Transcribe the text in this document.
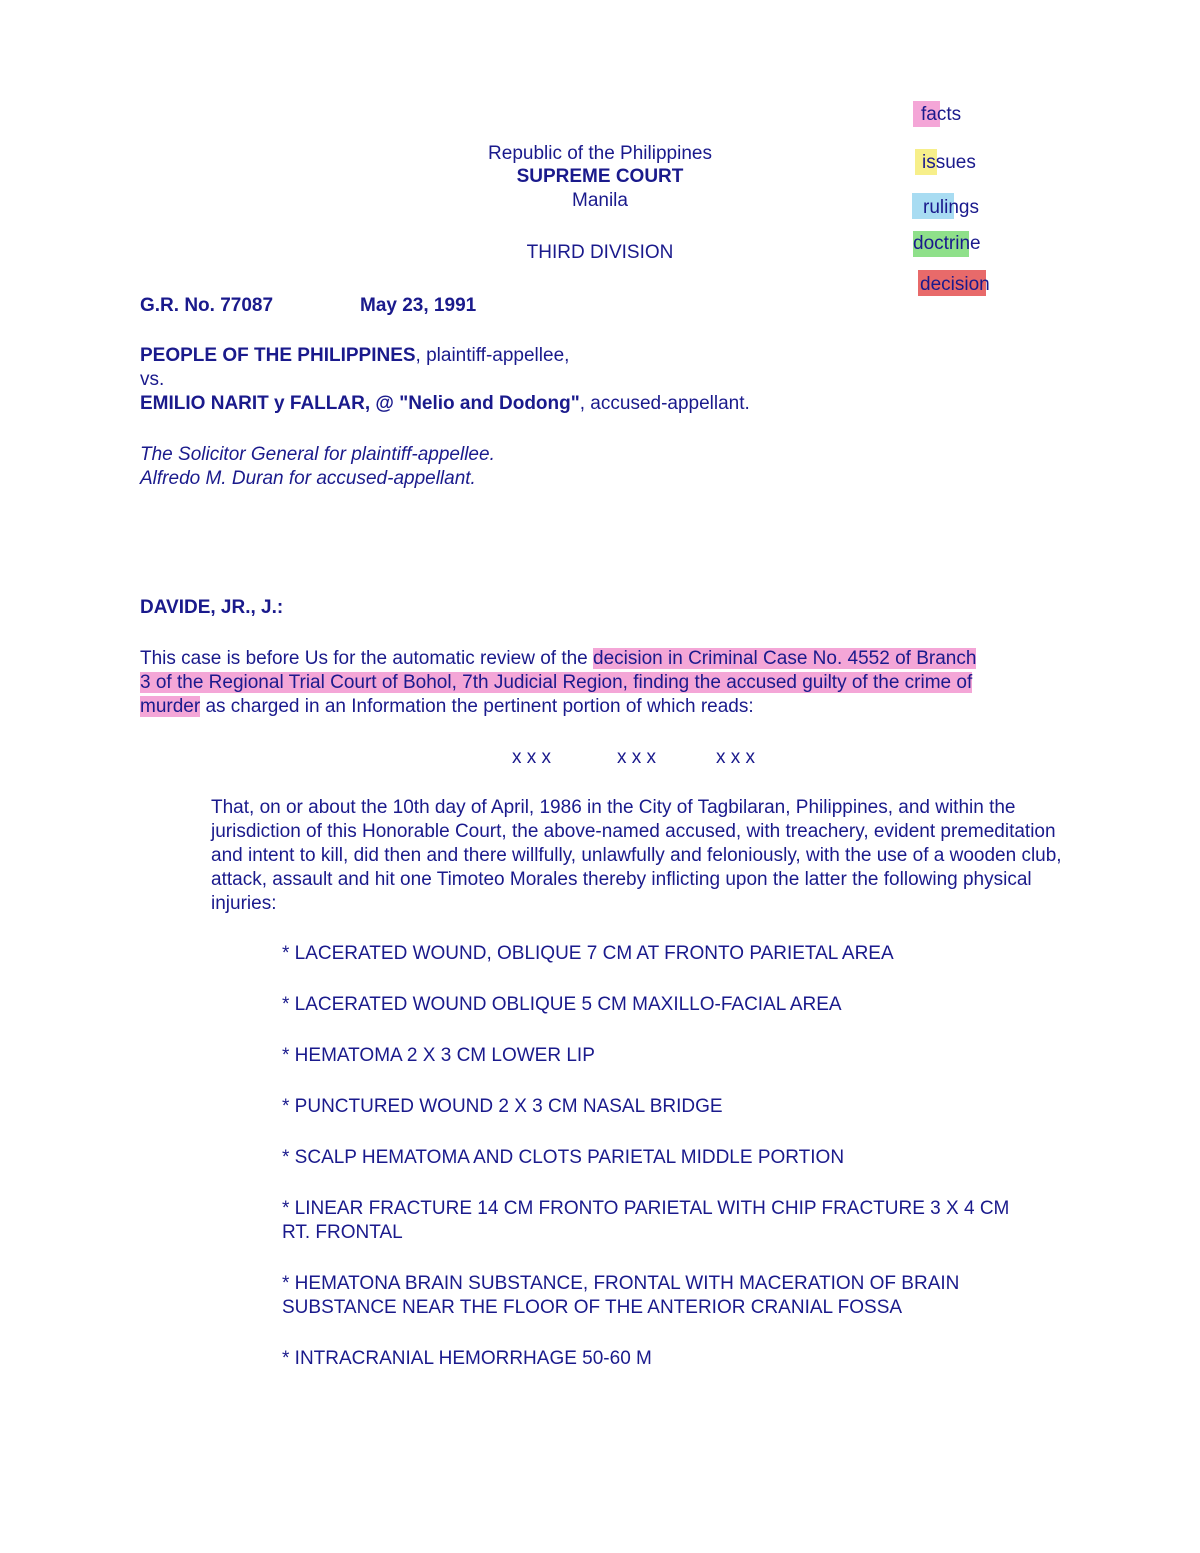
facts
issues
rulings
doctrine
decision
Republic of the Philippines
SUPREME COURT
Manila
THIRD DIVISION
G.R. No. 77087	May 23, 1991
PEOPLE OF THE PHILIPPINES, plaintiff-appellee,
vs.
EMILIO NARIT y FALLAR, @ "Nelio and Dodong", accused-appellant.
The Solicitor General for plaintiff-appellee.
Alfredo M. Duran for accused-appellant.
DAVIDE, JR., J.:
This case is before Us for the automatic review of the decision in Criminal Case No. 4552 of Branch
3 of the Regional Trial Court of Bohol, 7th Judicial Region, finding the accused guilty of the crime of
murder as charged in an Information the pertinent portion of which reads:
x x x	x x x	x x x
That, on or about the 10th day of April, 1986 in the City of Tagbilaran, Philippines, and within the jurisdiction of this Honorable Court, the above-named accused, with treachery, evident premeditation and intent to kill, did then and there willfully, unlawfully and feloniously, with the use of a wooden club, attack, assault and hit one Timoteo Morales thereby inflicting upon the latter the following physical injuries:
* LACERATED WOUND, OBLIQUE 7 CM AT FRONTO PARIETAL AREA
* LACERATED WOUND OBLIQUE 5 CM MAXILLO-FACIAL AREA
* HEMATOMA 2 X 3 CM LOWER LIP
* PUNCTURED WOUND 2 X 3 CM NASAL BRIDGE
* SCALP HEMATOMA AND CLOTS PARIETAL MIDDLE PORTION
* LINEAR FRACTURE 14 CM FRONTO PARIETAL WITH CHIP FRACTURE 3 X 4 CM RT. FRONTAL
* HEMATONA BRAIN SUBSTANCE, FRONTAL WITH MACERATION OF BRAIN SUBSTANCE NEAR THE FLOOR OF THE ANTERIOR CRANIAL FOSSA
* INTRACRANIAL HEMORRHAGE 50-60 M
